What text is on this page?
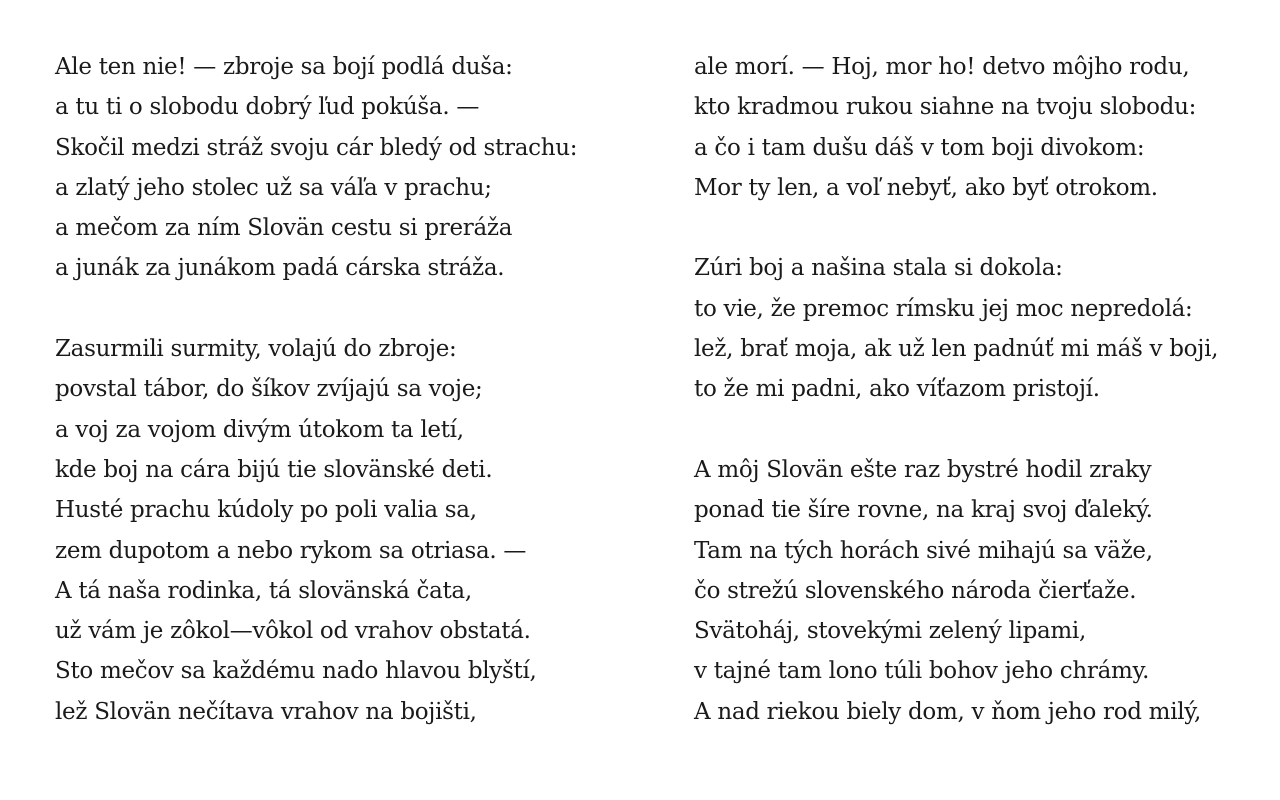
Ale ten nie! — zbroje sa bojí podlá duša:
a tu ti o slobodu dobrý ľud pokúša. —
Skočil medzi stráž svoju cár bledý od strachu:
a zlatý jeho stolec už sa váľa v prachu;
a mečom za ním Slovän cestu si preráža
a junák za junákom padá cárska stráža.
Zasurmili surmity, volajú do zbroje:
povstal tábor, do šíkov zvíjajú sa voje;
a voj za vojom divým útokom ta letí,
kde boj na cára bijú tie slovänské deti.
Husté prachu kúdoly po poli valia sa,
zem dupotom a nebo rykom sa otriasa. —
A tá naša rodinka, tá slovänská čata,
už vám je zôkol—vôkol od vrahov obstatá.
Sto mečov sa každému nado hlavou blyští,
lež Slovän nečítava vrahov na bojišti,
ale morí. — Hoj, mor ho! detvo môjho rodu,
kto kradmou rukou siahne na tvoju slobodu:
a čo i tam dušu dáš v tom boji divokom:
Mor ty len, a voľ nebyť, ako byť otrokom.
Zúri boj a našina stala si dokola:
to vie, že premoc rímsku jej moc nepredolá:
lež, brať moja, ak už len padnúť mi máš v boji,
to že mi padni, ako víťazom pristojí.
A môj Slovän ešte raz bystré hodil zraky
ponad tie šíre rovne, na kraj svoj ďaleký.
Tam na tých horách sivé mihajú sa väže,
čo strežú slovenského národa čierťaže.
Svätoháj, stovekými zelený lipami,
v tajné tam lono túli bohov jeho chrámy.
A nad riekou biely dom, v ňom jeho rod milý,
